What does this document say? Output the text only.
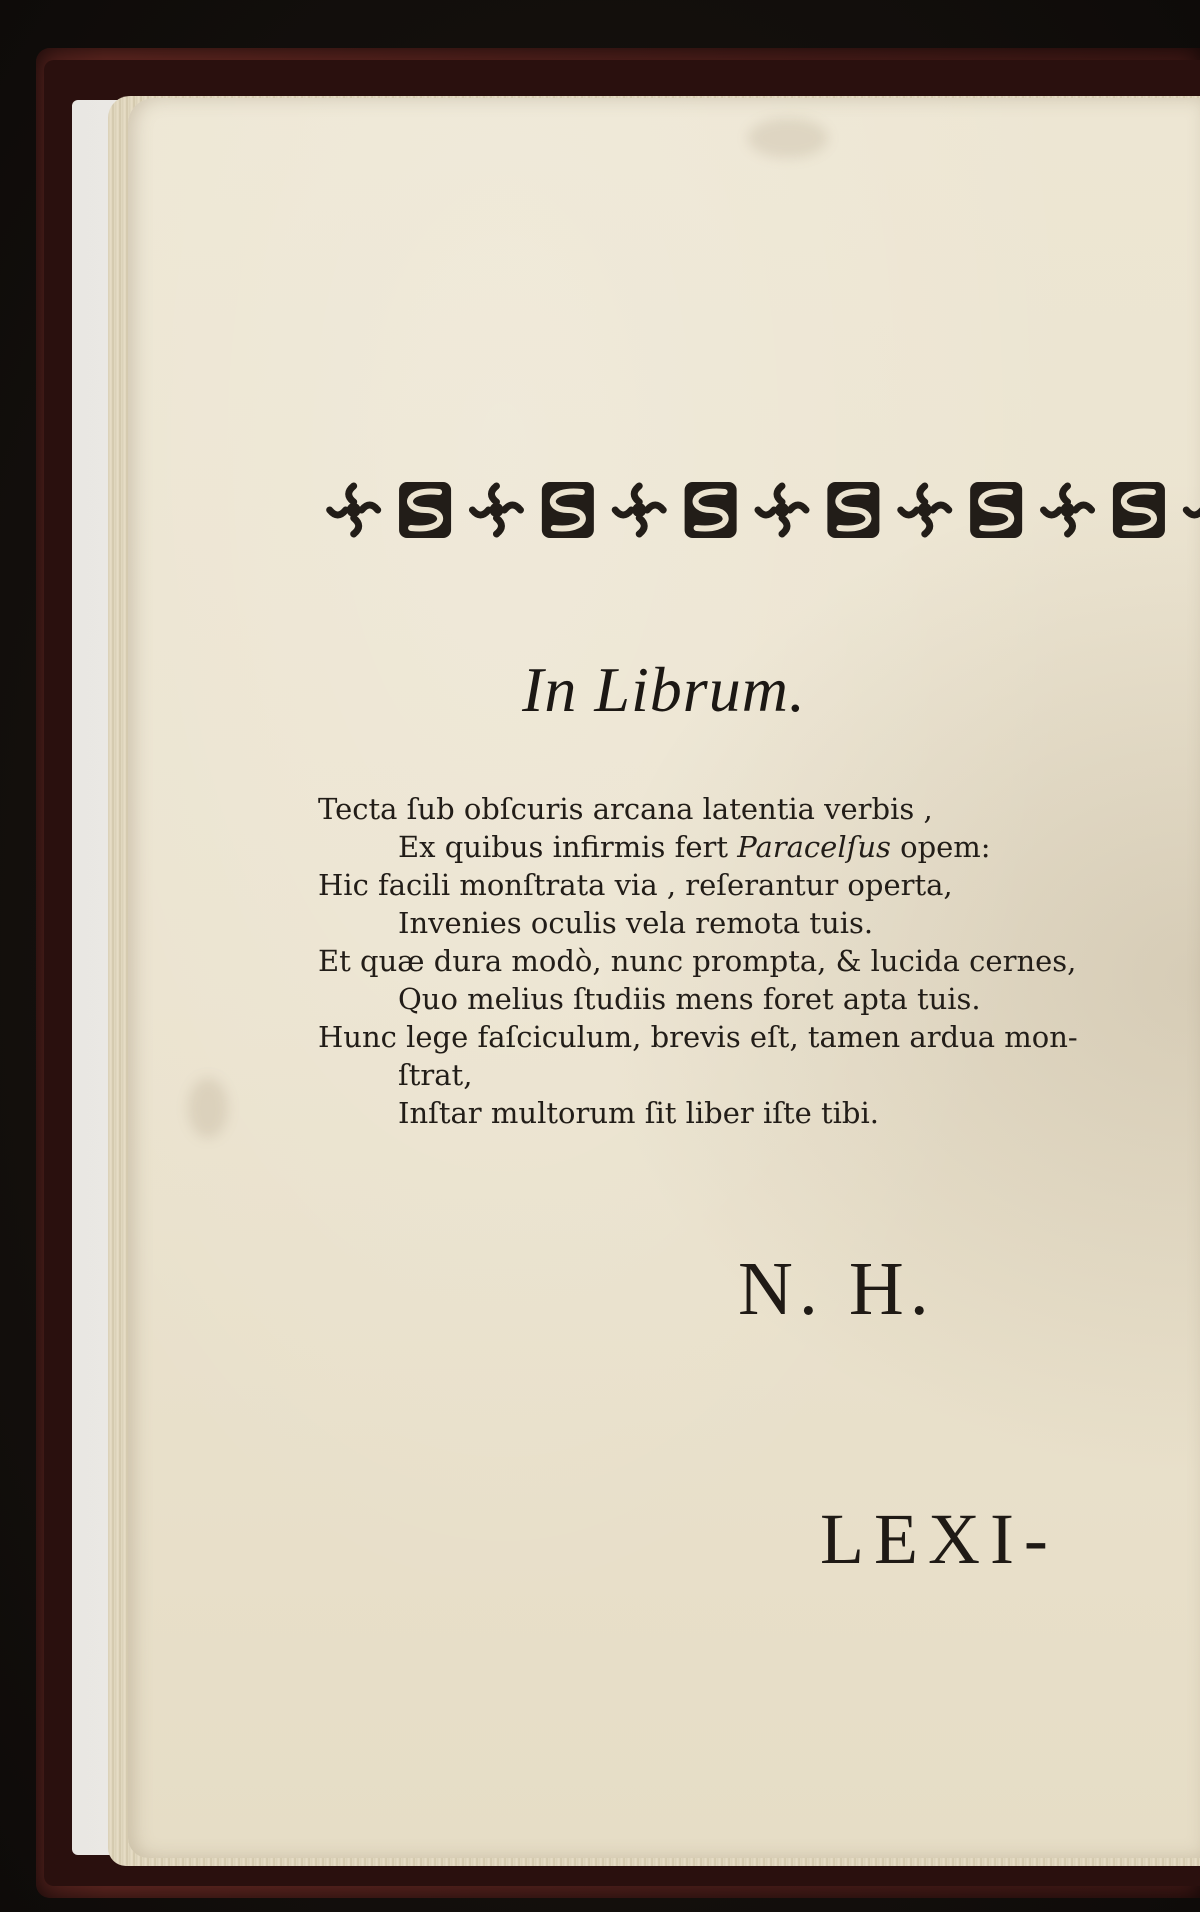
In Librum.
Tecta ſub obſcuris arcana latentia verbis ,
Ex quibus infirmis fert Paracelſus opem:
Hic facili monſtrata via , reſerantur operta,
Invenies oculis vela remota tuis.
Et quæ dura modò, nunc prompta, & lucida cernes,
Quo melius ſtudiis mens foret apta tuis.
Hunc lege faſciculum, brevis eſt, tamen ardua mon-
ſtrat,
Inſtar multorum ſit liber iſte tibi.
N. H.
LEXI-
